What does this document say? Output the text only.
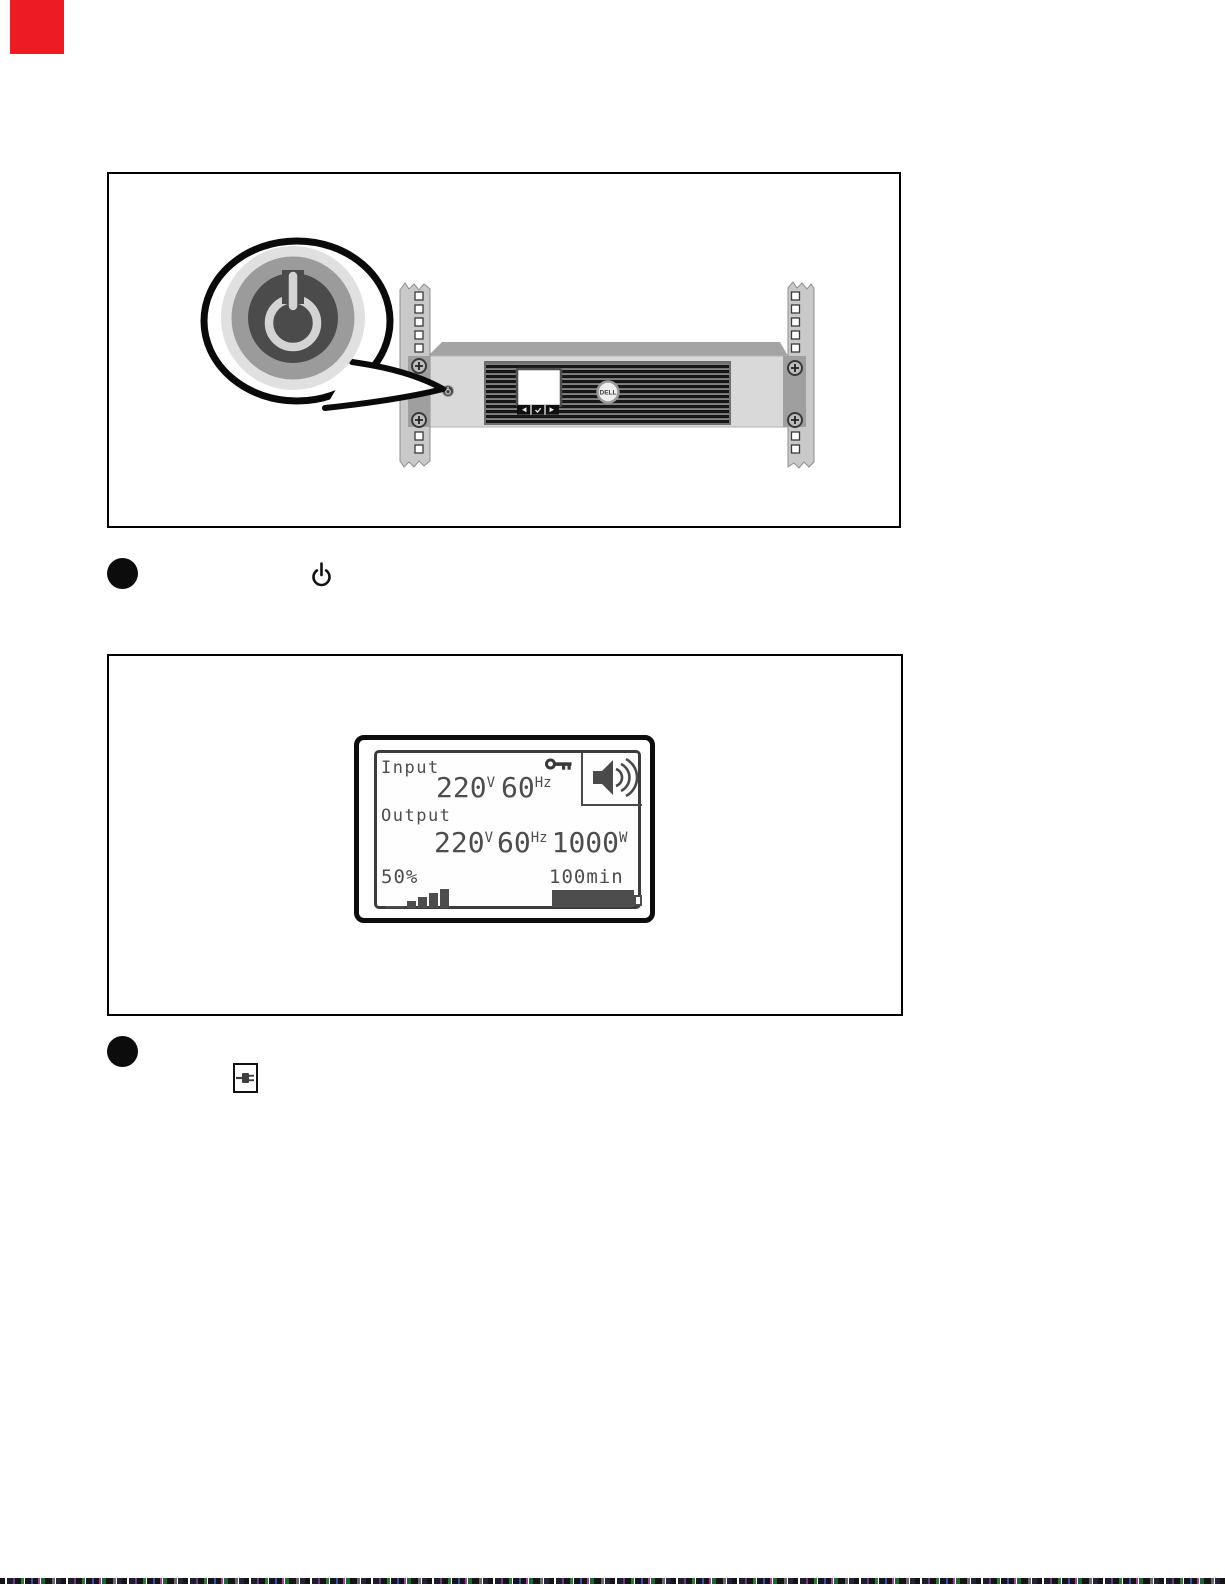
DELL
Input
220V 60Hz
Output
220V 60Hz 1000W
50%	100min
